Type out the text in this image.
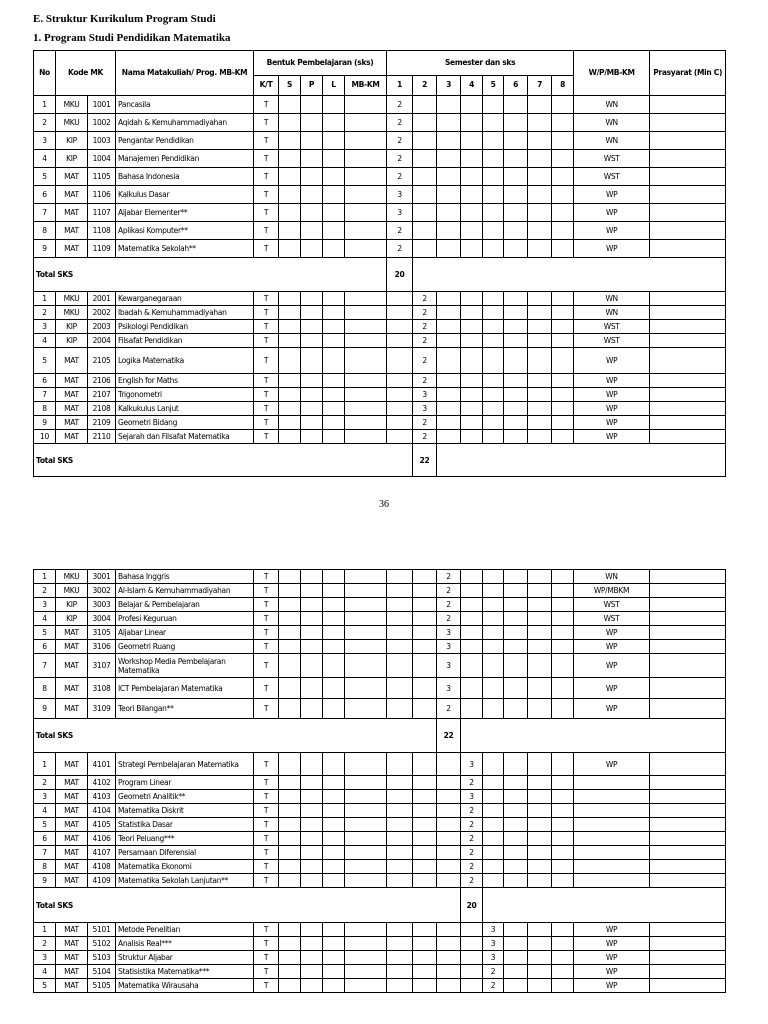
E. Struktur Kurikulum Program Studi
1. Program Studi Pendidikan Matematika
No	Kode MK		Nama Matakuliah/ Prog. MB-KM	Bentuk Pembelajaran (sks)					Semester dan sks								W/P/MB-KM	Prasyarat (Min C)
				K/T	S	P	L	MB-KM	1	2	3	4	5	6	7	8		
1	MKU	1001	Pancasila	T					2								WN	
2	MKU	1002	Aqidah & Kemuhammadiyahan	T					2								WN	
3	KIP	1003	Pengantar Pendidikan	T					2								WN	
4	KIP	1004	Manajemen Pendidikan	T					2								WST	
5	MAT	1105	Bahasa Indonesia	T					2								WST	
6	MAT	1106	Kalkulus Dasar	T					3								WP	
7	MAT	1107	Aljabar Elementer**	T					3								WP	
8	MAT	1108	Aplikasi Komputer**	T					2								WP	
9	MAT	1109	Matematika Sekolah**	T					2								WP	
Total SKS									20									
1	MKU	2001	Kewarganegaraan	T						2							WN	
2	MKU	2002	Ibadah & Kemuhammadiyahan	T						2							WN	
3	KIP	2003	Psikologi Pendidikan	T						2							WST	
4	KIP	2004	Filsafat Pendidikan	T						2							WST	
5	MAT	2105	Logika Matematika	T						2							WP	
6	MAT	2106	English for Maths	T						2							WP	
7	MAT	2107	Trigonometri	T						3							WP	
8	MAT	2108	Kalkukulus Lanjut	T						3							WP	
9	MAT	2109	Geometri Bidang	T						2							WP	
10	MAT	2110	Sejarah dan Filsafat Matematika	T						2							WP	
Total SKS										22								
36
1	MKU	3001	Bahasa Inggris	T							2						WN	
2	MKU	3002	Al-Islam & Kemuhammadiyahan	T							2						WP/MBKM	
3	KIP	3003	Belajar & Pembelajaran	T							2						WST	
4	KIP	3004	Profesi Keguruan	T							2						WST	
5	MAT	3105	Aljabar Linear	T							3						WP	
6	MAT	3106	Geometri Ruang	T							3						WP	
7	MAT	3107	Workshop Media Pembelajaran Matematika	T							3						WP	
8	MAT	3108	ICT Pembelajaran Matematika	T							3						WP	
9	MAT	3109	Teori Bilangan**	T							2						WP	
Total SKS											22							
1	MAT	4101	Strategi Pembelajaran Matematika	T								3					WP	
2	MAT	4102	Program Linear	T								2						
3	MAT	4103	Geometri Analitik**	T								3						
4	MAT	4104	Matematika Diskrit	T								2						
5	MAT	4105	Statistika Dasar	T								2						
6	MAT	4106	Teori Peluang***	T								2						
7	MAT	4107	Persamaan Diferensial	T								2						
8	MAT	4108	Matematika Ekonomi	T								2						
9	MAT	4109	Matematika Sekolah Lanjutan**	T								2						
Total SKS												20						
1	MAT	5101	Metode Penelitian	T									3				WP	
2	MAT	5102	Analisis Real***	T									3				WP	
3	MAT	5103	Struktur Aljabar	T									3				WP	
4	MAT	5104	Statisistika Matematika***	T									2				WP	
5	MAT	5105	Matematika Wirausaha	T									2				WP	
